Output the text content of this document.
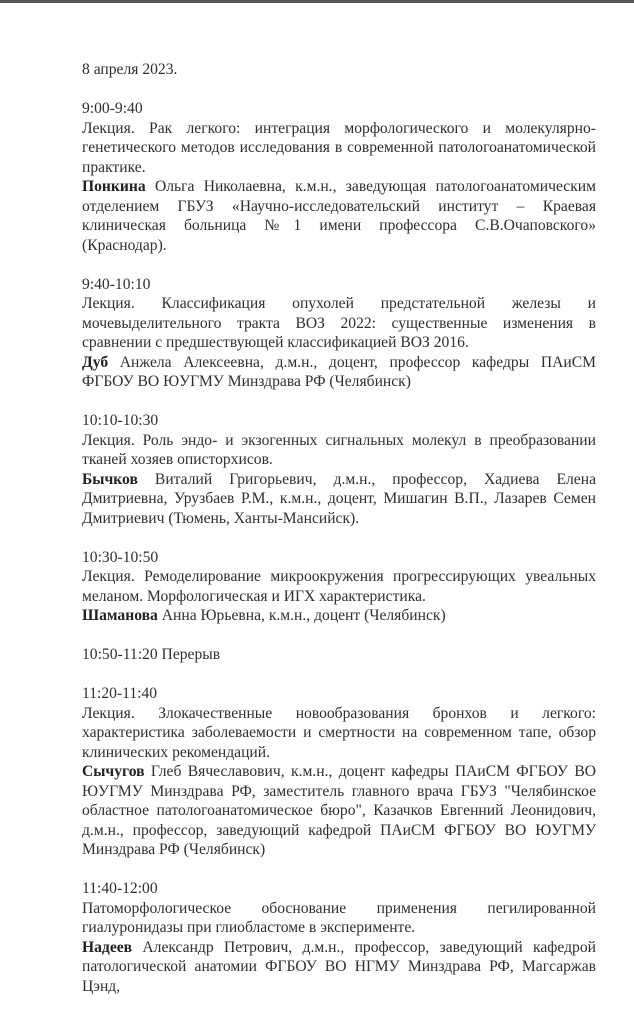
8 апреля 2023.

9:00-9:40

Лекция. Рак легкого: интеграция морфологического и молекулярно-генетического методов исследования в современной патологоанатомической практике.

Понкина Ольга Николаевна, к.м.н., заведующая патологоанатомическим отделением ГБУЗ «Научно-исследовательский институт – Краевая клиническая больница №1 имени профессора С.В.Очаповского» (Краснодар).

9:40-10:10

Лекция. Классификация опухолей предстательной железы и мочевыделительного тракта ВОЗ 2022: существенные изменения в сравнении с предшествующей классификацией ВОЗ 2016.

Дуб Анжела Алексеевна, д.м.н., доцент, профессор кафедры ПАиСМ ФГБОУ ВО ЮУГМУ Минздрава РФ (Челябинск)

10:10-10:30

Лекция. Роль эндо- и экзогенных сигнальных молекул в преобразовании тканей хозяев описторхисов.

Бычков Виталий Григорьевич, д.м.н., профессор, Хадиева Елена Дмитриевна, Урузбаев Р.М., к.м.н., доцент, Мишагин В.П., Лазарев Семен Дмитриевич (Тюмень, Ханты-Мансийск).

10:30-10:50

Лекция. Ремоделирование микроокружения прогрессирующих увеальных меланом. Морфологическая и ИГХ характеристика.

Шаманова Анна Юрьевна, к.м.н., доцент (Челябинск)

10:50-11:20 Перерыв

11:20-11:40

Лекция. Злокачественные новообразования бронхов и легкого: характеристика заболеваемости и смертности на современном тапе, обзор клинических рекомендаций.

Сычугов Глеб Вячеславович, к.м.н., доцент кафедры ПАиСМ ФГБОУ ВО ЮУГМУ Минздрава РФ, заместитель главного врача ГБУЗ "Челябинское областное патологоанатомическое бюро", Казачков Евгенний Леонидович, д.м.н., профессор, заведующий кафедрой ПАиСМ ФГБОУ ВО ЮУГМУ Минздрава РФ (Челябинск)

11:40-12:00

Патоморфологическое обоснование применения пегилированной гиалуронидазы при глиобластоме в эксперименте.

Надеев Александр Петрович, д.м.н., профессор, заведующий кафедрой патологической анатомии ФГБОУ ВО НГМУ Минздрава РФ, Магсаржав Цэнд,
